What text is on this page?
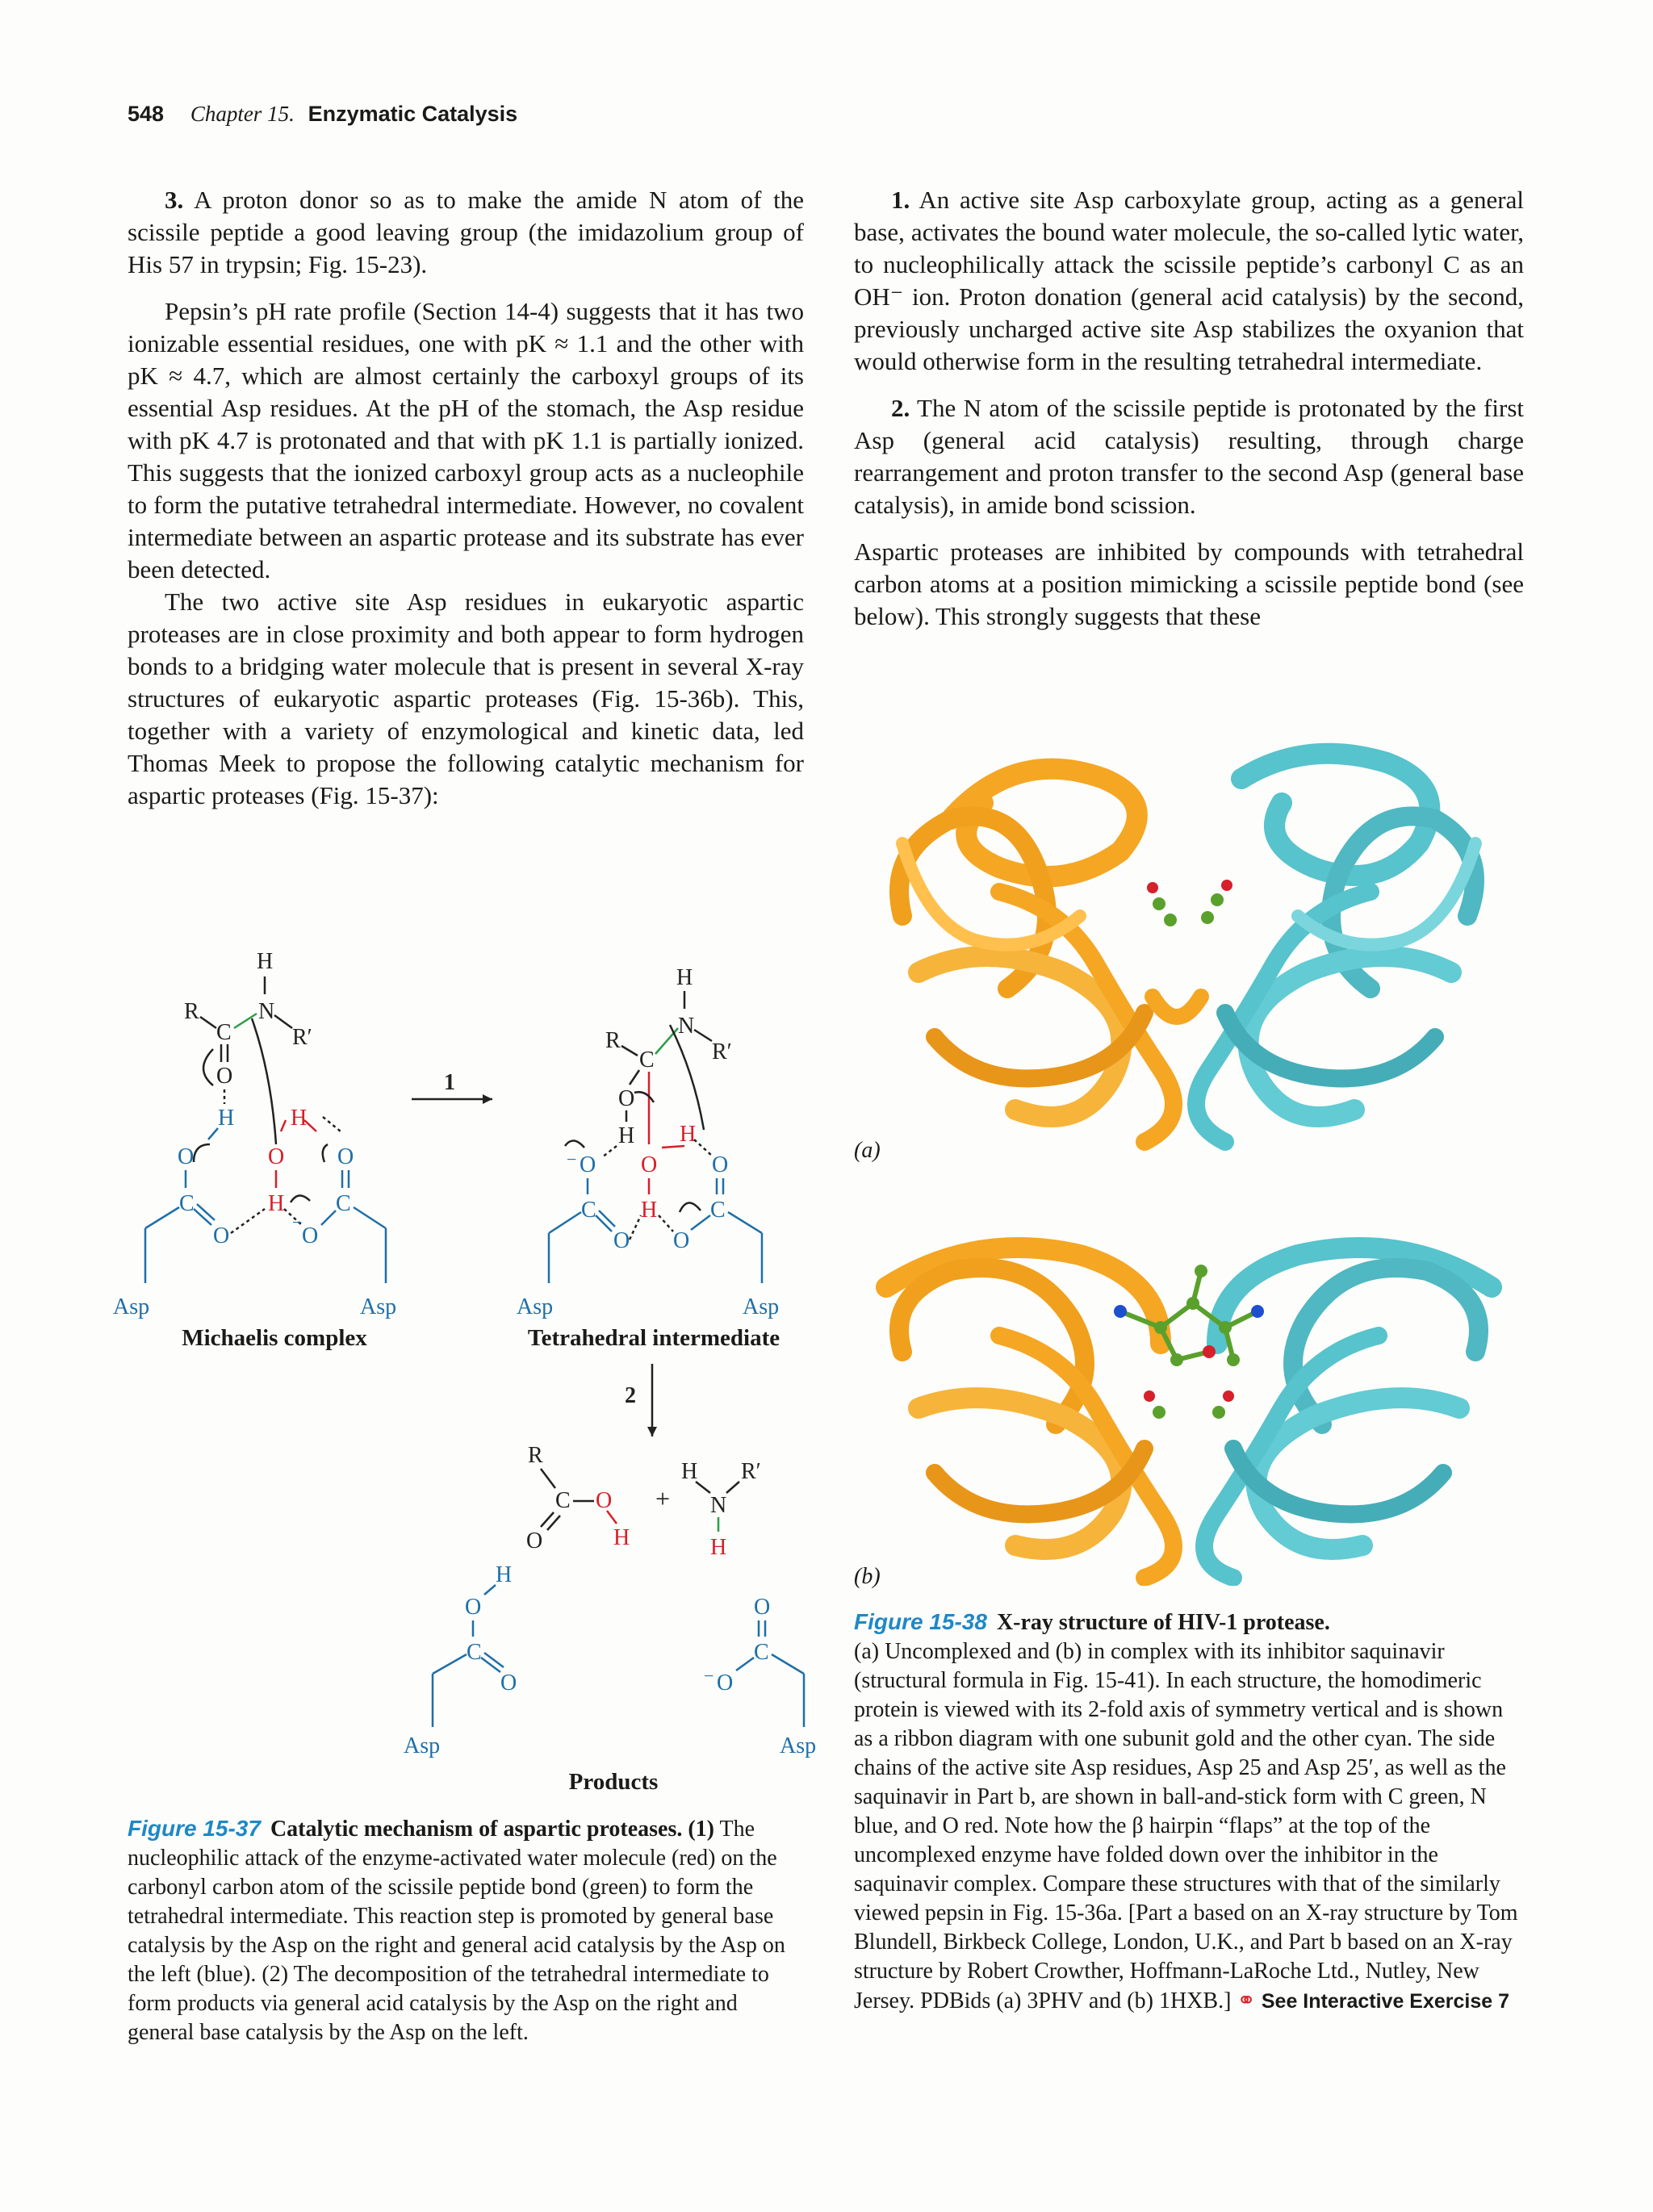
548 Chapter 15. Enzymatic Catalysis

3. A proton donor so as to make the amide N atom of the scissile peptide a good leaving group (the imidazolium group of His 57 in trypsin; Fig. 15-23).

Pepsin’s pH rate profile (Section 14-4) suggests that it has two ionizable essential residues, one with pK ≈ 1.1 and the other with pK ≈ 4.7, which are almost certainly the carboxyl groups of its essential Asp residues. At the pH of the stomach, the Asp residue with pK 4.7 is protonated and that with pK 1.1 is partially ionized. This suggests that the ionized carboxyl group acts as a nucleophile to form the putative tetrahedral intermediate. However, no covalent intermediate between an aspartic protease and its substrate has ever been detected.

The two active site Asp residues in eukaryotic aspartic proteases are in close proximity and both appear to form hydrogen bonds to a bridging water molecule that is present in several X-ray structures of eukaryotic aspartic proteases (Fig. 15-36b). This, together with a variety of enzymological and kinetic data, led Thomas Meek to propose the following catalytic mechanism for aspartic proteases (Fig. 15-37):

1. An active site Asp carboxylate group, acting as a general base, activates the bound water molecule, the so-called lytic water, to nucleophilically attack the scissile peptide’s carbonyl C as an OH⁻ ion. Proton donation (general acid catalysis) by the second, previously uncharged active site Asp stabilizes the oxyanion that would otherwise form in the resulting tetrahedral intermediate.

2. The N atom of the scissile peptide is protonated by the first Asp (general acid catalysis) resulting, through charge rearrangement and proton transfer to the second Asp (general base catalysis), in amide bond scission.

Aspartic proteases are inhibited by compounds with tetrahedral carbon atoms at a position mimicking a scissile peptide bond (see below). This strongly suggests that these

H
N
R
C	R′
O
H H
O	O O
C	H C
O	O
−
Asp	Asp
1
H
N
R′
R
C
O
H H
O
−	O O
C H C
O O
Asp	Asp
2
R
C O
H
O
+
H R′
N
H
H
O
C
O
Asp
O
C
O
−
Asp
Michaelis complex	Tetrahedral intermediate
Products
Figure 15-37 Catalytic mechanism of aspartic proteases. (1) The nucleophilic attack of the enzyme-activated water molecule (red) on the carbonyl carbon atom of the scissile peptide bond (green) to form the tetrahedral intermediate. This reaction step is promoted by general base catalysis by the Asp on the right and general acid catalysis by the Asp on the left (blue). (2) The decomposition of the tetrahedral intermediate to form products via general acid catalysis by the Asp on the right and general base catalysis by the Asp on the left.
(a)
(b)
Figure 15-38 X-ray structure of HIV-1 protease.
(a) Uncomplexed and (b) in complex with its inhibitor saquinavir (structural formula in Fig. 15-41). In each structure, the homodimeric protein is viewed with its 2-fold axis of symmetry vertical and is shown as a ribbon diagram with one subunit gold and the other cyan. The side chains of the active site Asp residues, Asp 25 and Asp 25′, as well as the saquinavir in Part b, are shown in ball-and-stick form with C green, N blue, and O red. Note how the β hairpin “flaps” at the top of the uncomplexed enzyme have folded down over the inhibitor in the saquinavir complex. Compare these structures with that of the similarly viewed pepsin in Fig. 15-36a. [Part a based on an X-ray structure by Tom Blundell, Birkbeck College, London, U.K., and Part b based on an X-ray structure by Robert Crowther, Hoffmann-LaRoche Ltd., Nutley, New Jersey. PDBids (a) 3PHV and (b) 1HXB.] ⚭ See Interactive Exercise 7
